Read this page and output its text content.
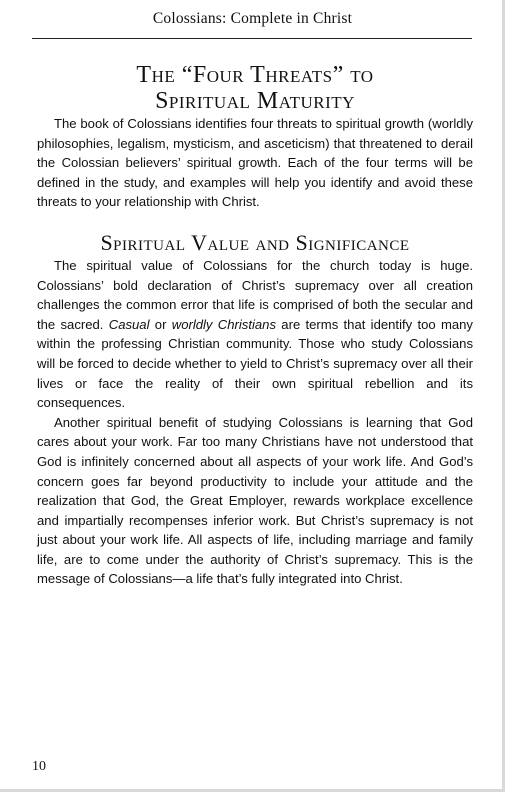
Colossians: Complete in Christ
The “Four Threats” to
Spiritual Maturity

The book of Colossians identifies four threats to spiritual growth (worldly philosophies, legalism, mysticism, and asceticism) that threatened to derail the Colossian believers’ spiritual growth. Each of the four terms will be defined in the study, and examples will help you identify and avoid these threats to your relationship with Christ.

Spiritual Value and Significance

The spiritual value of Colossians for the church today is huge. Colossians’ bold declaration of Christ’s supremacy over all creation challenges the common error that life is comprised of both the secular and the sacred. Casual or worldly Christians are terms that identify too many within the professing Christian community. Those who study Colossians will be forced to decide whether to yield to Christ’s supremacy over all their lives or face the reality of their own spiritual rebellion and its consequences.

Another spiritual benefit of studying Colossians is learning that God cares about your work. Far too many Christians have not understood that God is infinitely concerned about all aspects of your work life. And God’s concern goes far beyond productivity to include your attitude and the realization that God, the Great Employer, rewards workplace excellence and impartially recompenses inferior work. But Christ’s supremacy is not just about your work life. All aspects of life, including marriage and family life, are to come under the authority of Christ’s supremacy. This is the message of Colossians—a life that’s fully integrated into Christ.

10
